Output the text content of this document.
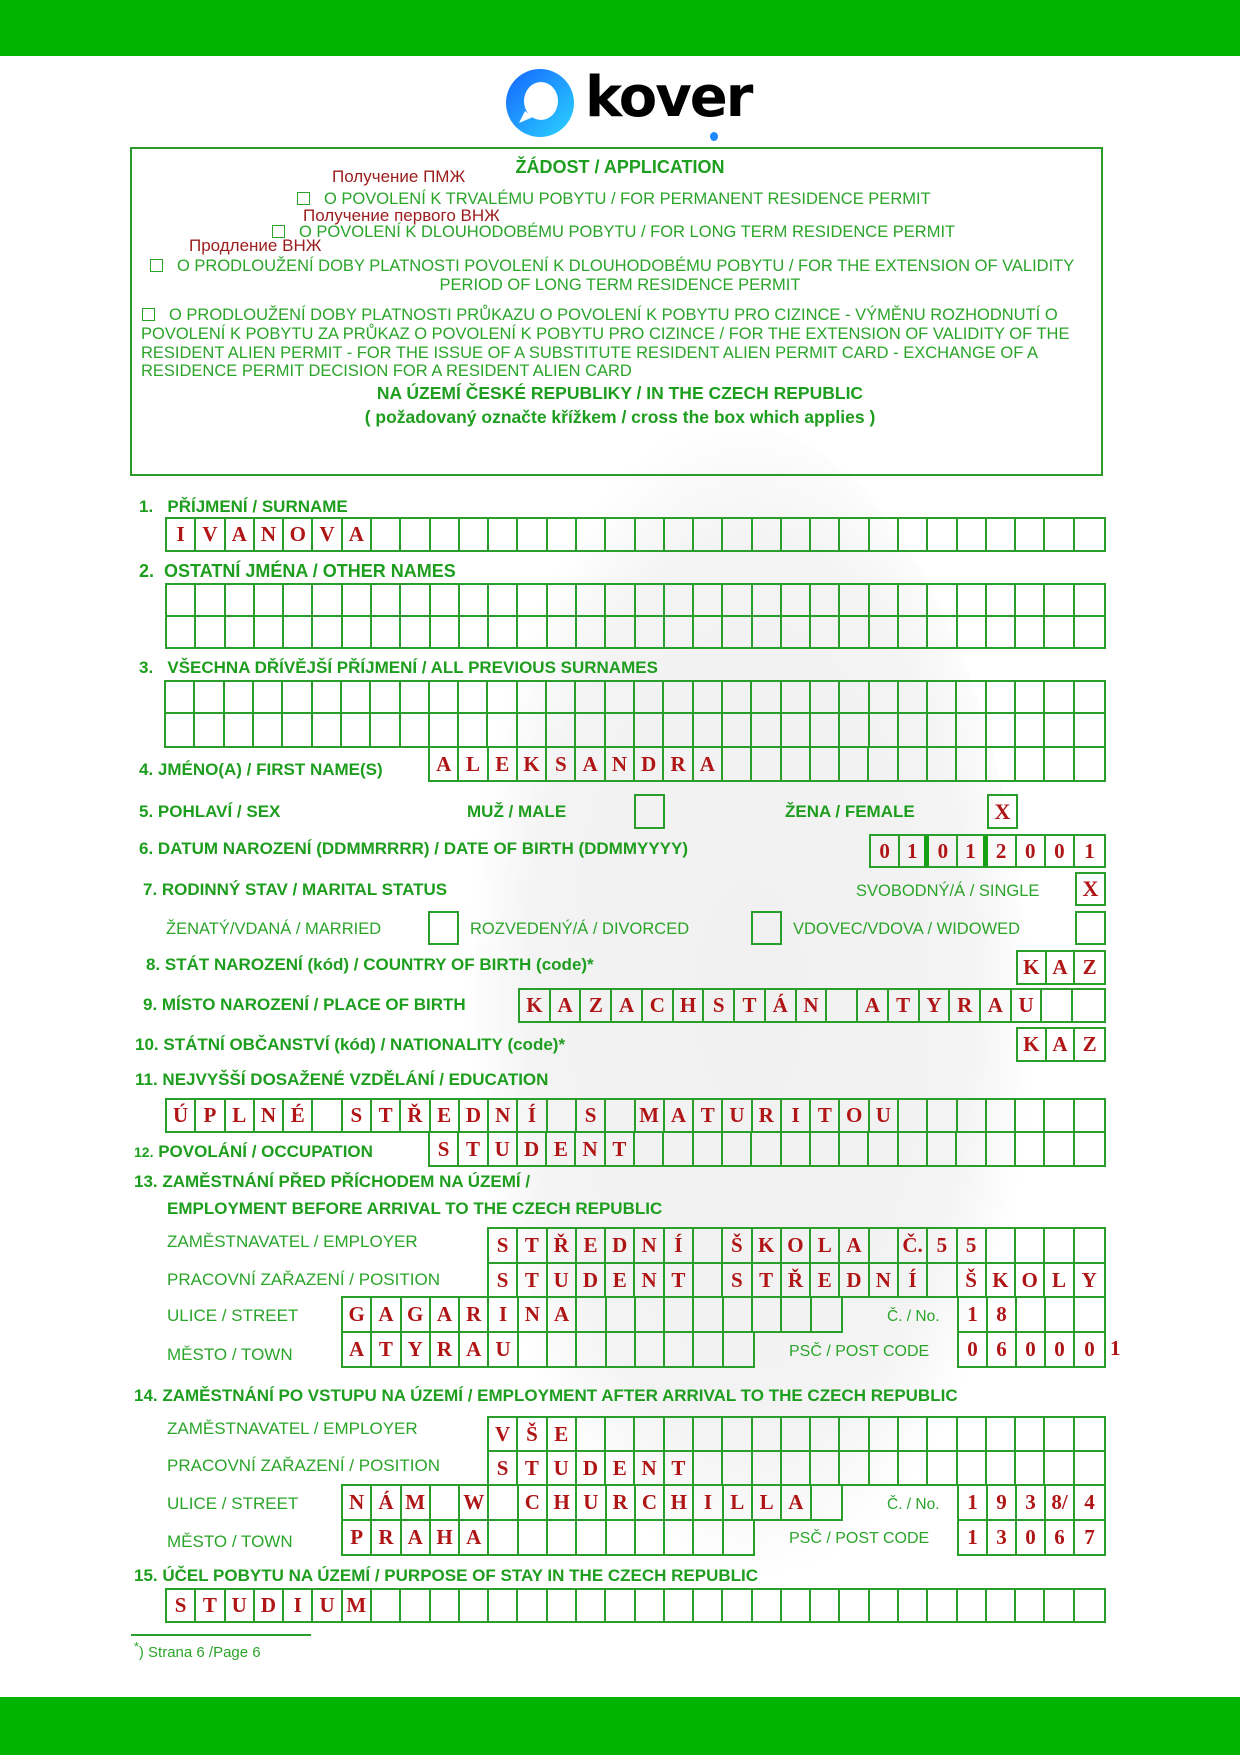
kover
ŽÁDOST / APPLICATION
Получение ПМЖ
O POVOLENÍ K TRVALÉMU POBYTU / FOR PERMANENT RESIDENCE PERMIT
Получение первого ВНЖ
O POVOLENÍ K DLOUHODOBÉMU POBYTU / FOR LONG TERM RESIDENCE PERMIT
Продление ВНЖ
O PRODLOUŽENÍ DOBY PLATNOSTI POVOLENÍ K DLOUHODOBÉMU POBYTU / FOR THE EXTENSION OF VALIDITY
PERIOD OF LONG TERM RESIDENCE PERMIT
O PRODLOUŽENÍ DOBY PLATNOSTI PRŮKAZU O POVOLENÍ K POBYTU PRO CIZINCE - VÝMĚNU ROZHODNUTÍ O
POVOLENÍ K POBYTU ZA PRŮKAZ O POVOLENÍ K POBYTU PRO CIZINCE / FOR THE EXTENSION OF VALIDITY OF THE
RESIDENT ALIEN PERMIT - FOR THE ISSUE OF A SUBSTITUTE RESIDENT ALIEN PERMIT CARD - EXCHANGE OF A
RESIDENCE PERMIT DECISION FOR A RESIDENT ALIEN CARD
NA ÚZEMÍ ČESKÉ REPUBLIKY / IN THE CZECH REPUBLIC
( požadovaný označte křížkem / cross the box which applies )
1. PŘÍJMENÍ / SURNAME
I V A N O V A
2. OSTATNÍ JMÉNA / OTHER NAMES
3. VŠECHNA DŘÍVĚJŠÍ PŘÍJMENÍ / ALL PREVIOUS SURNAMES
4. JMÉNO(A) / FIRST NAME(S)	A L E K S A N D R A
5. POHLAVÍ / SEX	MUŽ / MALE	ŽENA / FEMALE	X
6. DATUM NAROZENÍ (DDMMRRRR) / DATE OF BIRTH (DDMMYYYY)	0 1 0 1 2 0 0 1
7. RODINNÝ STAV / MARITAL STATUS	SVOBODNÝ/Á / SINGLE	X
ŽENATÝ/VDANÁ / MARRIED	ROZVEDENÝ/Á / DIVORCED	VDOVEC/VDOVA / WIDOWED
8. STÁT NAROZENÍ (kód) / COUNTRY OF BIRTH (code)*	K A Z
9. MÍSTO NAROZENÍ / PLACE OF BIRTH	K A Z A C H S T Á N	A T Y R A U
10. STÁTNÍ OBČANSTVÍ (kód) / NATIONALITY (code)*	K A Z
11. NEJVYŠŠÍ DOSAŽENÉ VZDĚLÁNÍ / EDUCATION
Ú P L N É	S T Ř E D N Í	S	M A T U R I T O U
12. POVOLÁNÍ / OCCUPATION	S T U D E N T
13. ZAMĚSTNÁNÍ PŘED PŘÍCHODEM NA ÚZEMÍ /
EMPLOYMENT BEFORE ARRIVAL TO THE CZECH REPUBLIC
ZAMĚSTNAVATEL / EMPLOYER	S T Ř E D N Í	Š K O L A	Č. 5 5
PRACOVNÍ ZAŘAZENÍ / POSITION	S T U D E N T	S T Ř E D N Í	Š K O L Y
ULICE / STREET G A G A R I N A	Č. / No.	1 8
MĚSTO / TOWN	A T Y R A U	PSČ / POST CODE	0 6 0 0 0 1
14. ZAMĚSTNÁNÍ PO VSTUPU NA ÚZEMÍ / EMPLOYMENT AFTER ARRIVAL TO THE CZECH REPUBLIC
ZAMĚSTNAVATEL / EMPLOYER	V Š E
PRACOVNÍ ZAŘAZENÍ / POSITION	S T U D E N T
ULICE / STREET N Á M W C H U R C H I L L A	Č. / No.	1 9 3 8/ 4
MĚSTO / TOWN	P R A H A	PSČ / POST CODE	1 3 0 6 7
15. ÚČEL POBYTU NA ÚZEMÍ / PURPOSE OF STAY IN THE CZECH REPUBLIC
S T U D I U M
*) Strana 6 /Page 6
